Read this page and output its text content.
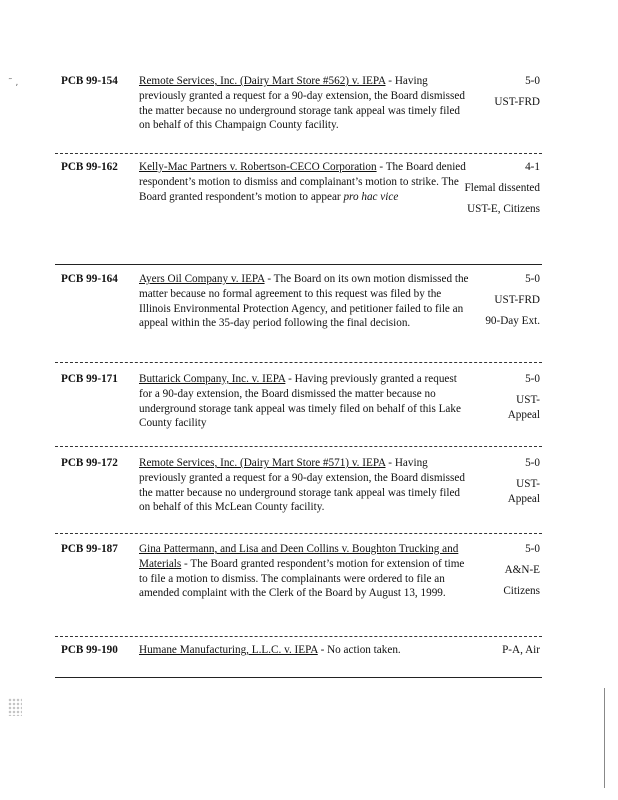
˜ ‚	PCB 99-154 Remote Services, Inc. (Dairy Mart Store #562) v. IEPA - Having previously granted a request for a 90-day extension, the Board dismissed the matter because no underground storage tank appeal was timely filed on behalf of this Champaign County facility.
5-0
UST-FRD
PCB 99-162 Kelly-Mac Partners v. Robertson-CECO Corporation - The Board denied respondent’s motion to dismiss and complainant’s motion to strike. The Board granted respondent’s motion to appear pro hac vice
4-1
Flemal dissented
UST-E, Citizens
PCB 99-164 Ayers Oil Company v. IEPA - The Board on its own motion dismissed the matter because no formal agreement to this request was filed by the Illinois Environmental Protection Agency, and petitioner failed to file an appeal within the 35-day period following the final decision.
5-0
UST-FRD
90-Day Ext.
PCB 99-171 Buttarick Company, Inc. v. IEPA - Having previously granted a request for a 90-day extension, the Board dismissed the matter because no underground storage tank appeal was timely filed on behalf of this Lake County facility
5-0
UST-Appeal
PCB 99-172 Remote Services, Inc. (Dairy Mart Store #571) v. IEPA - Having previously granted a request for a 90-day extension, the Board dismissed the matter because no underground storage tank appeal was timely filed on behalf of this McLean County facility.
5-0
UST-Appeal
PCB 99-187 Gina Pattermann, and Lisa and Deen Collins v. Boughton Trucking and Materials - The Board granted respondent’s motion for extension of time to file a motion to dismiss. The complainants were ordered to file an amended complaint with the Clerk of the Board by August 13, 1999.
5-0
A&N-E
Citizens
PCB 99-190 Humane Manufacturing, L.L.C. v. IEPA - No action taken.	P-A, Air
